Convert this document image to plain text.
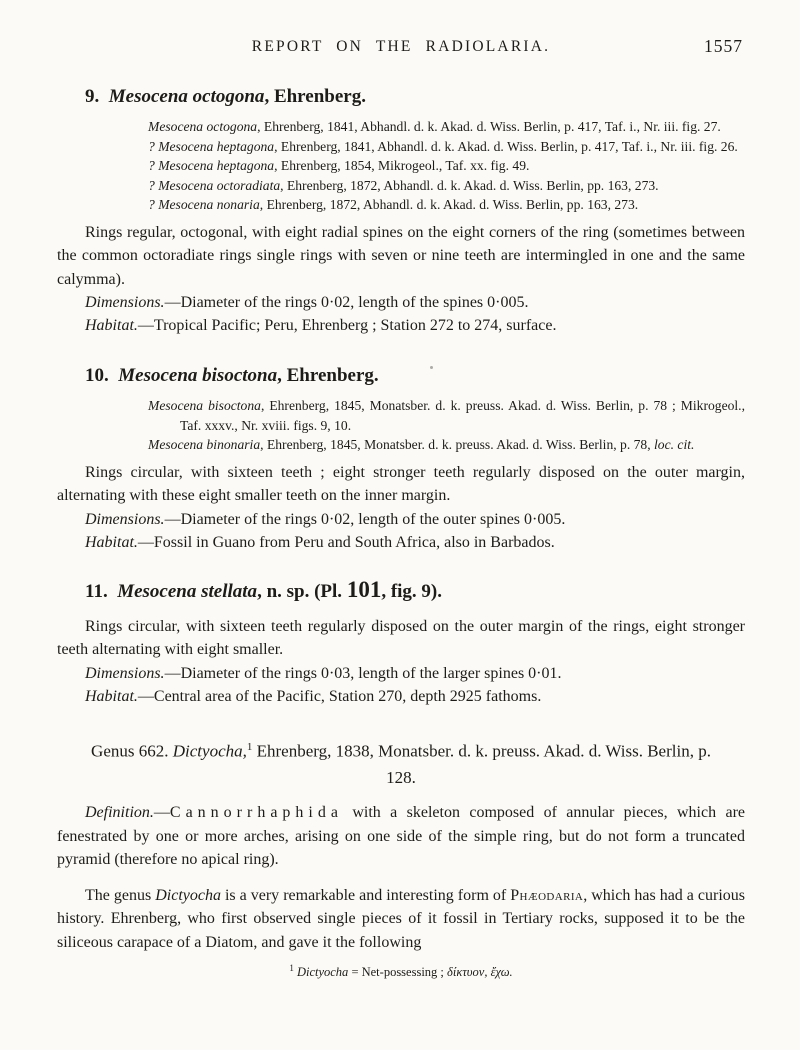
REPORT ON THE RADIOLARIA.	1557
9. Mesocena octogona, Ehrenberg.
Mesocena octogona, Ehrenberg, 1841, Abhandl. d. k. Akad. d. Wiss. Berlin, p. 417, Taf. i., Nr. iii. fig. 27.
? Mesocena heptagona, Ehrenberg, 1841, Abhandl. d. k. Akad. d. Wiss. Berlin, p. 417, Taf. i., Nr. iii. fig. 26.
? Mesocena heptagona, Ehrenberg, 1854, Mikrogeol., Taf. xx. fig. 49.
? Mesocena octoradiata, Ehrenberg, 1872, Abhandl. d. k. Akad. d. Wiss. Berlin, pp. 163, 273.
? Mesocena nonaria, Ehrenberg, 1872, Abhandl. d. k. Akad. d. Wiss. Berlin, pp. 163, 273.

Rings regular, octogonal, with eight radial spines on the eight corners of the ring (sometimes between the common octoradiate rings single rings with seven or nine teeth are intermingled in one and the same calymma).

Dimensions.—Diameter of the rings 0·02, length of the spines 0·005.
Habitat.—Tropical Pacific; Peru, Ehrenberg ; Station 272 to 274, surface.
10. Mesocena bisoctona, Ehrenberg.
Mesocena bisoctona, Ehrenberg, 1845, Monatsber. d. k. preuss. Akad. d. Wiss. Berlin, p. 78 ; Mikrogeol., Taf. xxxv., Nr. xviii. figs. 9, 10.
Mesocena binonaria, Ehrenberg, 1845, Monatsber. d. k. preuss. Akad. d. Wiss. Berlin, p. 78, loc. cit.

Rings circular, with sixteen teeth ; eight stronger teeth regularly disposed on the outer margin, alternating with these eight smaller teeth on the inner margin.

Dimensions.—Diameter of the rings 0·02, length of the outer spines 0·005.
Habitat.—Fossil in Guano from Peru and South Africa, also in Barbados.
11. Mesocena stellata, n. sp. (Pl. 101, fig. 9).

Rings circular, with sixteen teeth regularly disposed on the outer margin of the rings, eight stronger teeth alternating with eight smaller.

Dimensions.—Diameter of the rings 0·03, length of the larger spines 0·01.
Habitat.—Central area of the Pacific, Station 270, depth 2925 fathoms.
Genus 662. Dictyocha,$^1$ Ehrenberg, 1838, Monatsber. d. k. preuss. Akad. d. Wiss. Berlin, p. 128.

Definition.—Cannorrhaphida with a skeleton composed of annular pieces, which are fenestrated by one or more arches, arising on one side of the simple ring, but do not form a truncated pyramid (therefore no apical ring).

The genus Dictyocha is a very remarkable and interesting form of Phæodaria, which has had a curious history. Ehrenberg, who first observed single pieces of it fossil in Tertiary rocks, supposed it to be the siliceous carapace of a Diatom, and gave it the following

$^1$ Dictyocha = Net-possessing ; δίκτυον, ἔχω.
